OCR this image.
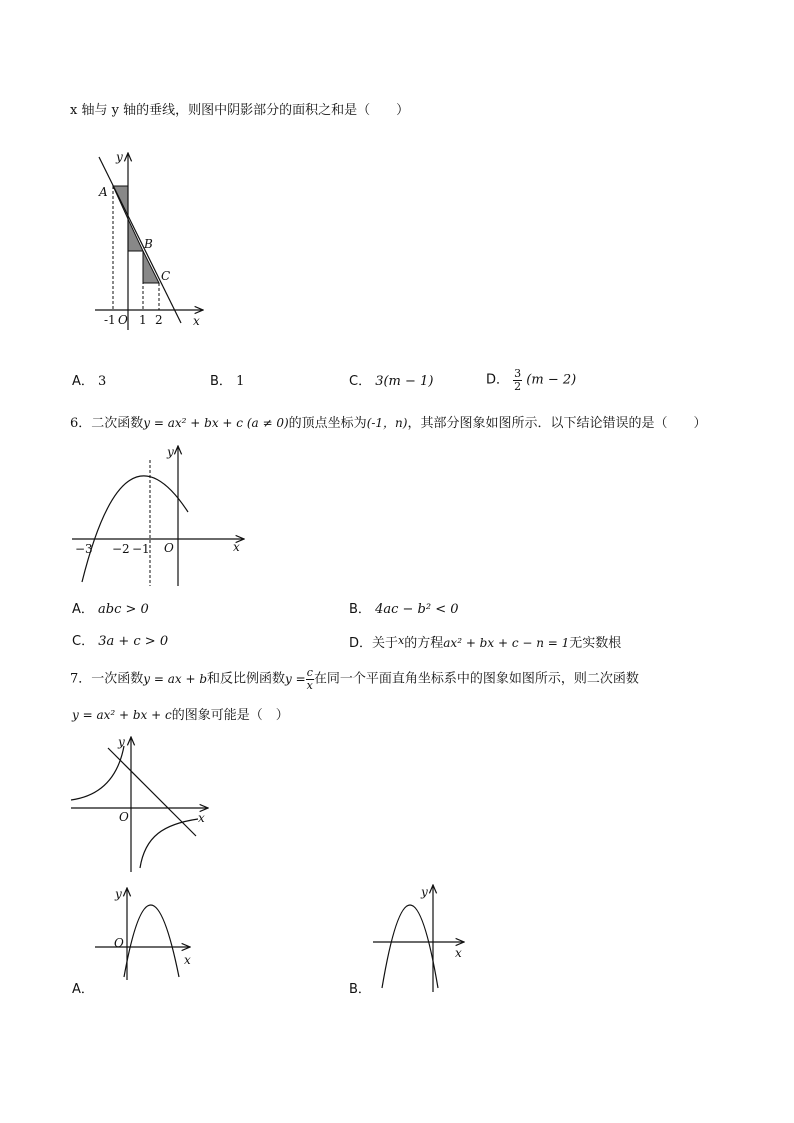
x 轴与 y 轴的垂线，则图中阴影部分的面积之和是（　　）
y
x
A
B
C
-1 O 1 2
A． 3	B． 1	C． 3(m − 1)	D． $\frac{3}{2} (m - 2)$
6．二次函数y = ax² + bx + c (a ≠ 0)的顶点坐标为(-1，n)，其部分图象如图所示．以下结论错误的是（　　）
y
x
−3 −2 −1 O
A． abc > 0	B． 4ac − b² < 0
C． 3a + c > 0	D．关于$^x$的方程ax² + bx + c − n = 1无实数根
7．一次函数y = ax + b和反比例函数$y = \frac{c}{x}$ 在同一个平面直角坐标系中的图象如图所示，则二次函数
y = ax² + bx + c的图象可能是（　）
y
x
O
y
x
O
A．
y
x
B．
